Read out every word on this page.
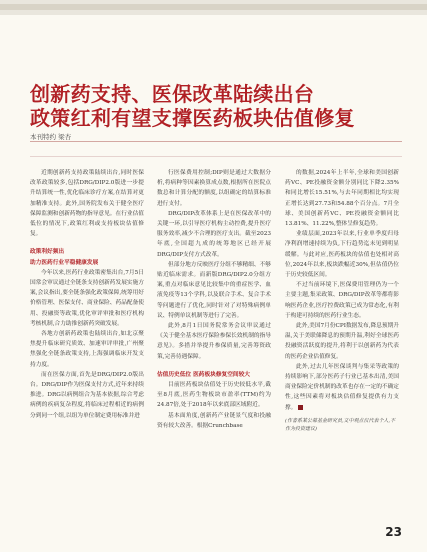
创新药支持、医保改革陆续出台
政策红利有望支撑医药板块估值修复
本刊特约 梁杏

近期创新药支持政策陆续出台,同时医保改革政策较多,包括DRG/DIP2.0版进一步提升结算统一性,优化临床诊疗方案,在结算对更加精准支持。此外,国务院发布关于健全医疗保障监测和创新药物的指导意见。在行业估值低位的情况下,政策红利或支持板块估值修复。

政策利好频出
助力医药行业平稳健康发展

今年以来,医药行业政策密集出台,7月5日国常会审议通过全链条支持创新药发展实施方案,会议指出,要全链条强化政策保障,统筹用好价格管理、医保支付、商业保险、药品配备使用、投融资等政策,优化审评审批和医疗机构考核机制,合力助推创新药突破发展。

各地方创新药政策也陆续出台,如北京聚焦提升临床研究质效、加速审评审批,广州聚焦强化全链条政策支持,上海强调临床开发支持力度。

而在医保方面,首先是DRG/DIP2.0版出台。DRG/DIP作为医保支付方式,近年来持续推进。DRG以病例组合为基本依据,综合考虑病例的疾病复杂程度,将临床过程相近的病例分到同一个组,以组为单位制定费用标准并进

行医保费用控制;DIP则是通过大数据分析,将病种等因素换算成点数,根据所在医院点数总和计算分配的额度,以组确定的结算标准进行支付。

DRG/DIP改革体系上是在医保改革中的关键一环,以引导医疗机构主动控费,提升医疗服务效率,减少不合理的医疗支出。截至2023年底,全国超九成的统筹地区已经开展DRG/DIP支付方式改革。

但部分地方反映医疗分组不够精细、不够贴近临床需求。而新版DRG/DIP2.0分组方案,重点对临床意见比较集中的重症医学、血液免疫等13个学科,以及联合手术、复合手术等问题进行了优化,同时针对了对特殊病例单议、特例单议机制等进行了完善。

此外,8月1日国务院常务会议审议通过《关于健全基本医疗保险参保长效机制的指导意见》。多措并举提升参保质量,完善筹资政策,完善待遇保障。

估值历史低位 医药板块修复空间较大

目前医药板块估值处于历史较低水平,截至8月底,医药生物板块市盈率(TTM)约为24.87倍,处于2018年以来底部区域附近。

基本面角度,创新药产业链景气度和投融资有较大改善。根据Crunchbase

的数据,2024年上半年,全球和美国创新药VC、PE投融资金额分别同比下降2.35%和同比增长15.51%,与去年同期相比均实现正增长达到27.73和54.88个百分点。7月全球、美国创新药VC、PE投融资金额同比13.81%、11.22%,整体呈修复趋势。

业绩层面,2023年以来,行业单季度归母净利润增速持续为负,下行趋势迄未见到明显缓解。与此对应,医药板块的估值也处相对高位,2024年以来,板块跌幅近30%,但估值仍位于历史较低区间。

不过当前环境下,医保费用管理仍为一个主要主题,集采政策、DRG/DIP改革等都将影响医药企业,医疗控费政策已成为常态化,有利于构建可持续的医药行业生态。

此外,美国7月份CPI数据发布,降息预期升温,关于美联储降息的预期升温,利好全球医药投融资活跃度的提升,将利于以创新药为代表的医药企业估值修复。

此外,过去几年医保谈判与集采等政策的持续影响下,部分医药子行业已基本出清,美国商业保险定价机制的改革也存在一定的不确定性,这些因素将对板块估值修复提供有力支撑。

(作者系某公募基金研究员,文中观点仅代表个人,不作为投资建议)
23
